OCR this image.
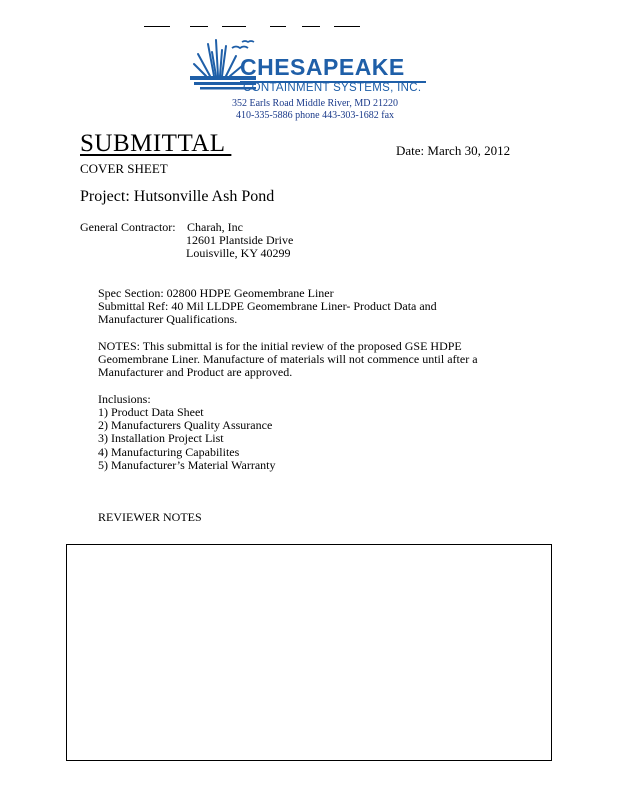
CHESAPEAKE
CONTAINMENT SYSTEMS, INC.
352 Earls Road Middle River, MD 21220
410-335-5886 phone 443-303-1682 fax
SUBMITTAL
COVER SHEET
Date: March 30, 2012
Project: Hutsonville Ash Pond
General Contractor: Charah, Inc
12601 Plantside Drive
Louisville, KY 40299
Spec Section: 02800 HDPE Geomembrane Liner
Submittal Ref: 40 Mil LLDPE Geomembrane Liner- Product Data and
Manufacturer Qualifications.
NOTES: This submittal is for the initial review of the proposed GSE HDPE
Geomembrane Liner. Manufacture of materials will not commence until after a
Manufacturer and Product are approved.
Inclusions:
1) Product Data Sheet
2) Manufacturers Quality Assurance
3) Installation Project List
4) Manufacturing Capabilites
5) Manufacturer’s Material Warranty
REVIEWER NOTES
